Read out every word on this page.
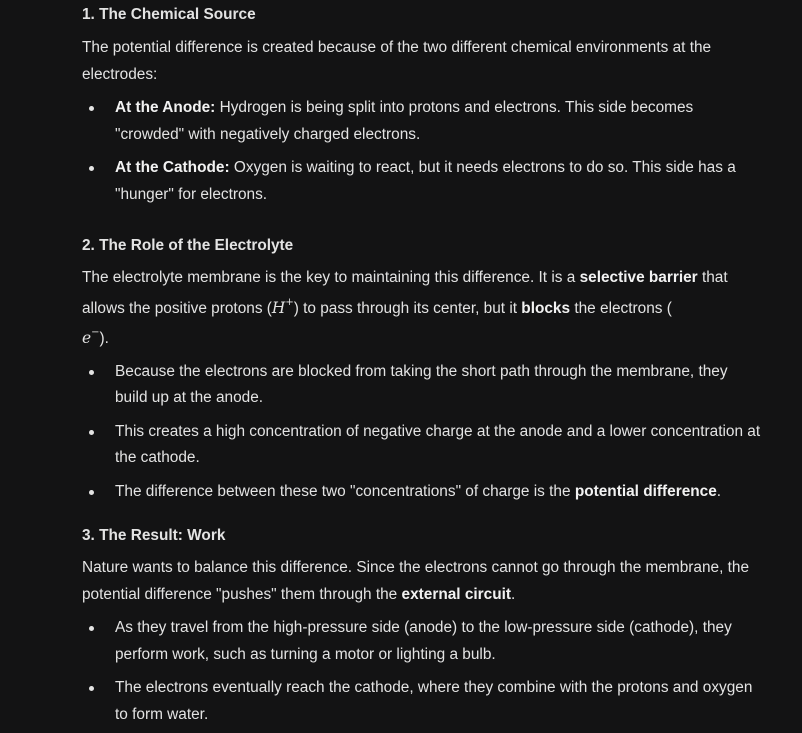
1. The Chemical Source

The potential difference is created because of the two different chemical environments at the electrodes:

At the Anode: Hydrogen is being split into protons and electrons. This side becomes "crowded" with negatively charged electrons.
At the Cathode: Oxygen is waiting to react, but it needs electrons to do so. This side has a "hunger" for electrons.
2. The Role of the Electrolyte

The electrolyte membrane is the key to maintaining this difference. It is a selective barrier that allows the positive protons (H+) to pass through its center, but it blocks the electrons (
e−).

Because the electrons are blocked from taking the short path through the membrane, they build up at the anode.
This creates a high concentration of negative charge at the anode and a lower concentration at the cathode.
The difference between these two "concentrations" of charge is the potential difference.
3. The Result: Work

Nature wants to balance this difference. Since the electrons cannot go through the membrane, the potential difference "pushes" them through the external circuit.

As they travel from the high-pressure side (anode) to the low-pressure side (cathode), they perform work, such as turning a motor or lighting a bulb.
The electrons eventually reach the cathode, where they combine with the protons and oxygen to form water.
